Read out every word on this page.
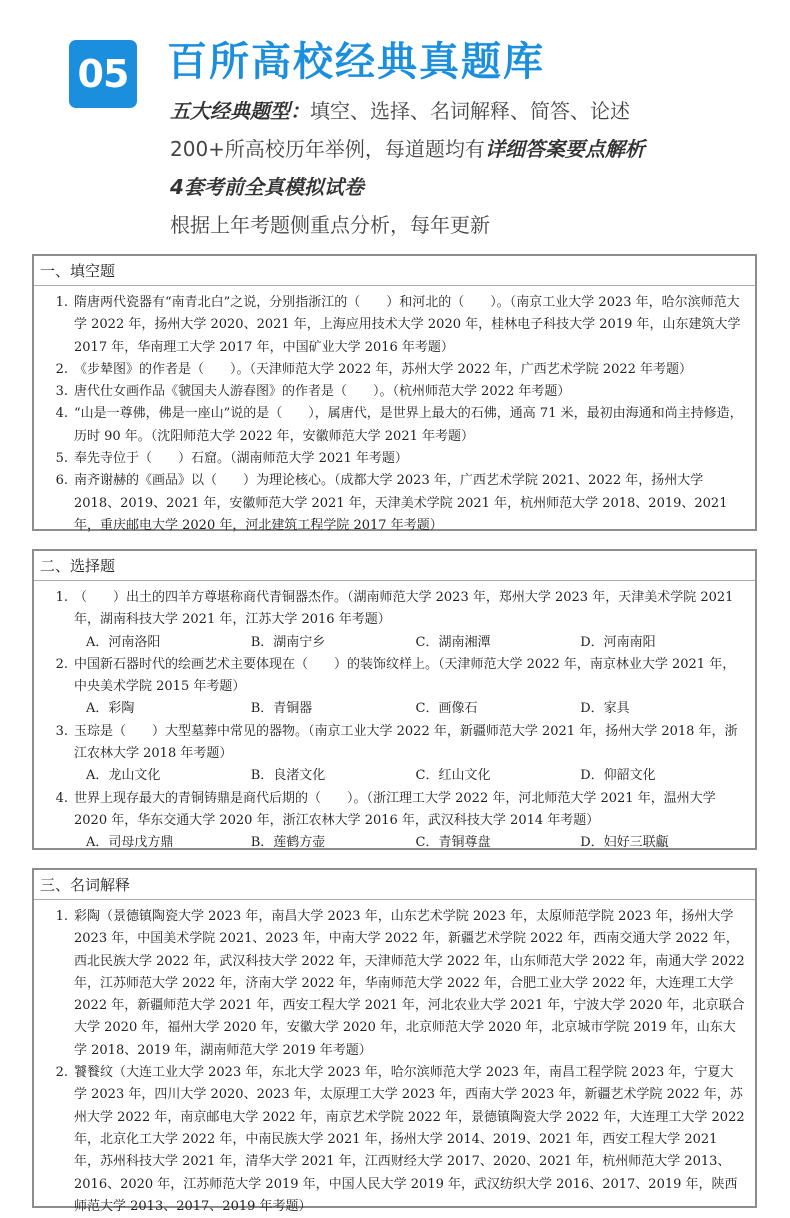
05 百所高校经典真题库
五大经典题型：填空、选择、名词解释、简答、论述
200+所高校历年举例，每道题均有详细答案要点解析
4套考前全真模拟试卷
根据上年考题侧重点分析，每年更新
一、填空题
1. 隋唐两代瓷器有“南青北白”之说，分别指浙江的（　　）和河北的（　　）。（南京工业大学 2023 年，哈尔滨师范大学 2022 年，扬州大学 2020、2021 年，上海应用技术大学 2020 年，桂林电子科技大学 2019 年，山东建筑大学 2017 年，华南理工大学 2017 年，中国矿业大学 2016 年考题）
2. 《步辇图》的作者是（　　）。（天津师范大学 2022 年，苏州大学 2022 年，广西艺术学院 2022 年考题）
3. 唐代仕女画作品《虢国夫人游春图》的作者是（　　）。（杭州师范大学 2022 年考题）
4. “山是一尊佛，佛是一座山”说的是（　　），属唐代，是世界上最大的石佛，通高 71 米，最初由海通和尚主持修造，历时 90 年。（沈阳师范大学 2022 年，安徽师范大学 2021 年考题）
5. 奉先寺位于（　　）石窟。（湖南师范大学 2021 年考题）
6. 南齐谢赫的《画品》以（　　）为理论核心。（成都大学 2023 年，广西艺术学院 2021、2022 年，扬州大学 2018、2019、2021 年，安徽师范大学 2021 年，天津美术学院 2021 年，杭州师范大学 2018、2019、2021 年，重庆邮电大学 2020 年，河北建筑工程学院 2017 年考题）
二、选择题
1. （　　）出土的四羊方尊堪称商代青铜器杰作。（湖南师范大学 2023 年，郑州大学 2023 年，天津美术学院 2021 年，湖南科技大学 2021 年，江苏大学 2016 年考题）
A．河南洛阳	B．湖南宁乡	C．湖南湘潭	D．河南南阳
2. 中国新石器时代的绘画艺术主要体现在（　　）的装饰纹样上。（天津师范大学 2022 年，南京林业大学 2021 年，中央美术学院 2015 年考题）
A．彩陶	B．青铜器	C．画像石	D．家具
3. 玉琮是（　　）大型墓葬中常见的器物。（南京工业大学 2022 年，新疆师范大学 2021 年，扬州大学 2018 年，浙江农林大学 2018 年考题）
A．龙山文化	B．良渚文化	C．红山文化	D．仰韶文化
4. 世界上现存最大的青铜铸鼎是商代后期的（　　）。（浙江理工大学 2022 年，河北师范大学 2021 年，温州大学 2020 年，华东交通大学 2020 年，浙江农林大学 2016 年，武汉科技大学 2014 年考题）
A．司母戊方鼎	B．莲鹤方壶	C．青铜尊盘	D．妇好三联甗
三、名词解释
1. 彩陶（景德镇陶瓷大学 2023 年，南昌大学 2023 年，山东艺术学院 2023 年，太原师范学院 2023 年，扬州大学 2023 年，中国美术学院 2021、2023 年，中南大学 2022 年，新疆艺术学院 2022 年，西南交通大学 2022 年，西北民族大学 2022 年，武汉科技大学 2022 年，天津师范大学 2022 年，山东师范大学 2022 年，南通大学 2022 年，江苏师范大学 2022 年，济南大学 2022 年，华南师范大学 2022 年，合肥工业大学 2022 年，大连理工大学 2022 年，新疆师范大学 2021 年，西安工程大学 2021 年，河北农业大学 2021 年，宁波大学 2020 年，北京联合大学 2020 年，福州大学 2020 年，安徽大学 2020 年，北京师范大学 2020 年，北京城市学院 2019 年，山东大学 2018、2019 年，湖南师范大学 2019 年考题）
2. 饕餮纹（大连工业大学 2023 年，东北大学 2023 年，哈尔滨师范大学 2023 年，南昌工程学院 2023 年，宁夏大学 2023 年，四川大学 2020、2023 年，太原理工大学 2023 年，西南大学 2023 年，新疆艺术学院 2022 年，苏州大学 2022 年，南京邮电大学 2022 年，南京艺术学院 2022 年，景德镇陶瓷大学 2022 年，大连理工大学 2022 年，北京化工大学 2022 年，中南民族大学 2021 年，扬州大学 2014、2019、2021 年，西安工程大学 2021 年，苏州科技大学 2021 年，清华大学 2021 年，江西财经大学 2017、2020、2021 年，杭州师范大学 2013、2016、2020 年，江苏师范大学 2019 年，中国人民大学 2019 年，武汉纺织大学 2016、2017、2019 年，陕西师范大学 2013、2017、2019 年考题）
